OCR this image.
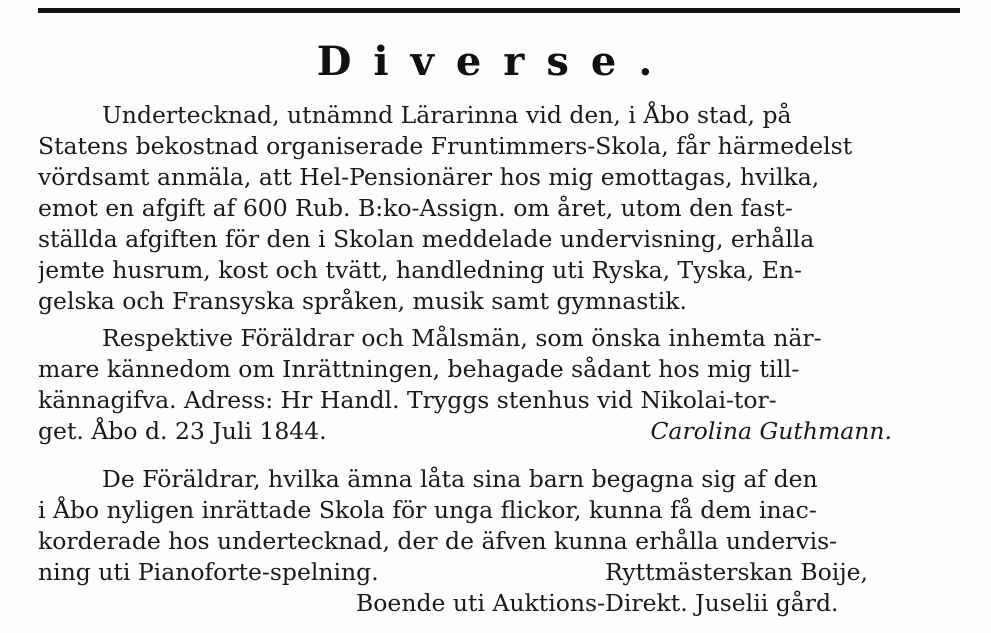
Diverse.
Undertecknad, utnämnd Lärarinna vid den, i Åbo stad, på
Statens bekostnad organiserade Fruntimmers-Skola, får härmedelst
vördsamt anmäla, att Hel-Pensionärer hos mig emottagas, hvilka,
emot en afgift af 600 Rub. B:ko-Assign. om året, utom den fast-
ställda afgiften för den i Skolan meddelade undervisning, erhålla
jemte husrum, kost och tvätt, handledning uti Ryska, Tyska, En-
gelska och Fransyska språken, musik samt gymnastik.
Respektive Föräldrar och Målsmän, som önska inhemta när-
mare kännedom om Inrättningen, behagade sådant hos mig till-
kännagifva. Adress: Hr Handl. Tryggs stenhus vid Nikolai-tor-
get. Åbo d. 23 Juli 1844.	Carolina Guthmann.
De Föräldrar, hvilka ämna låta sina barn begagna sig af den
i Åbo nyligen inrättade Skola för unga flickor, kunna få dem inac-
korderade hos undertecknad, der de äfven kunna erhålla undervis-
ning uti Pianoforte-spelning.	Ryttmästerskan Boije,
Boende uti Auktions-Direkt. Juselii gård.
